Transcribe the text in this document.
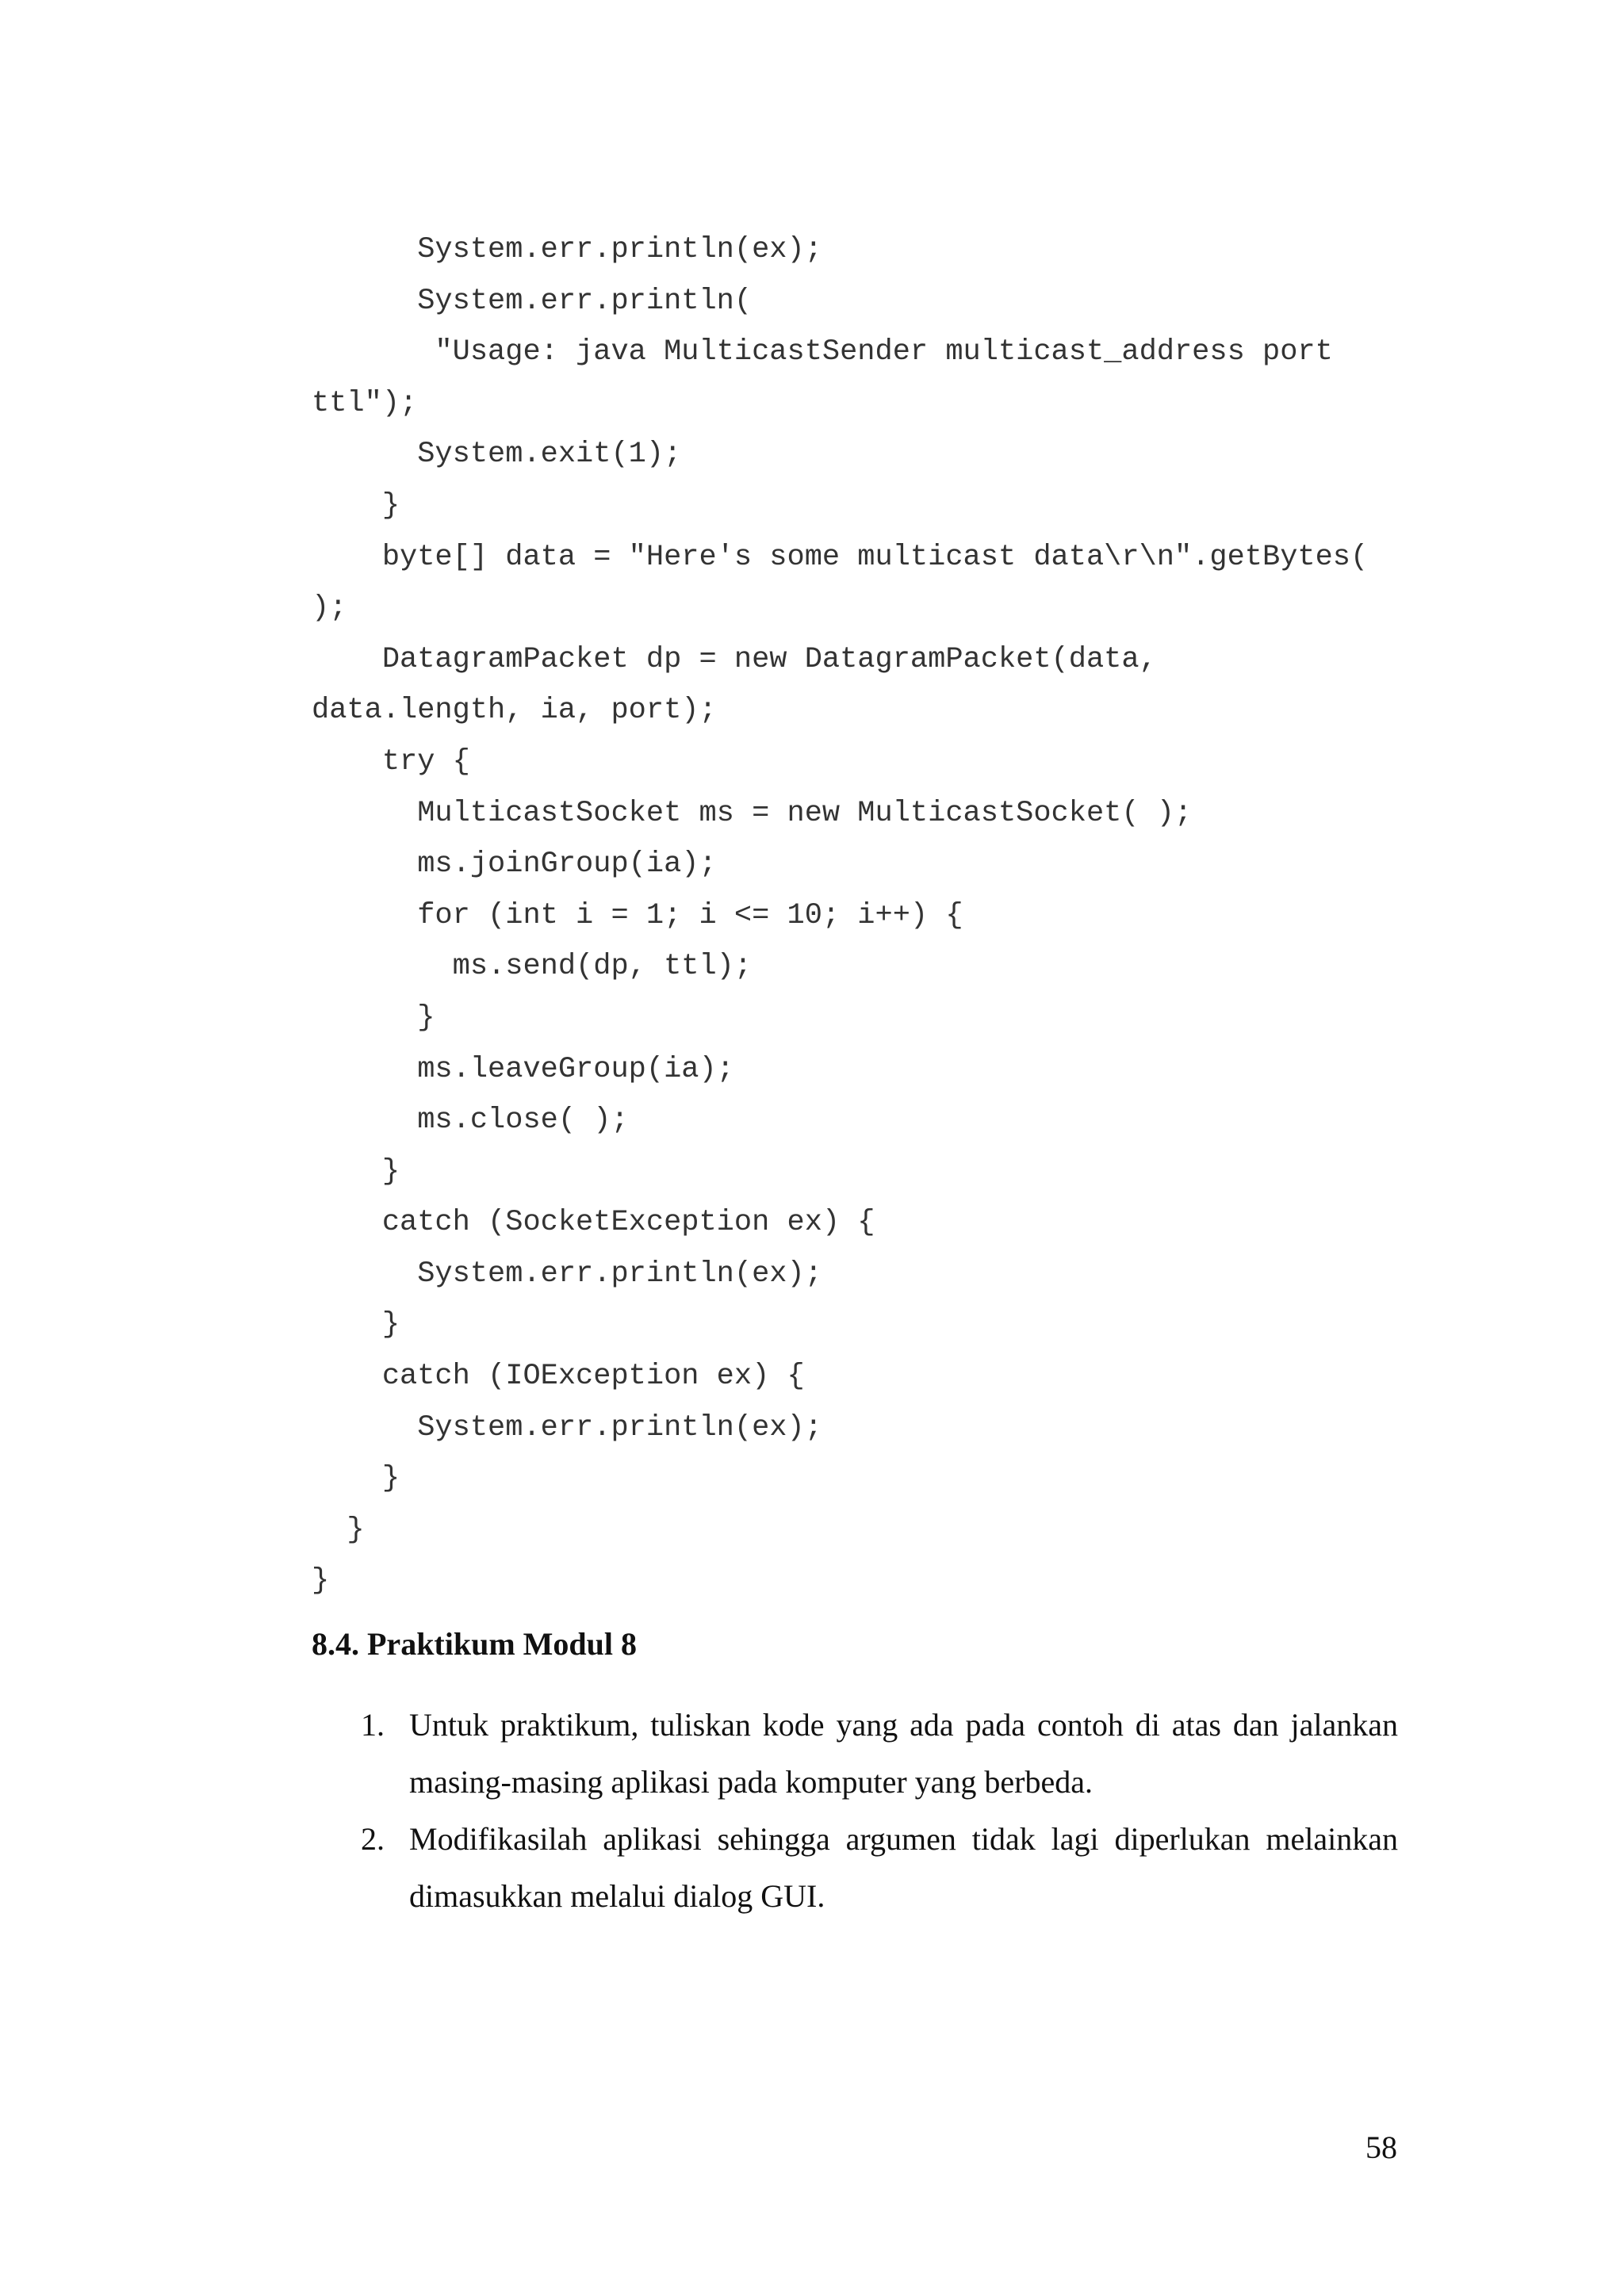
System.err.println(ex);
System.err.println(
"Usage: java MulticastSender multicast_address port
ttl");
System.exit(1);
}
byte[] data = "Here's some multicast data\r\n".getBytes(
);
DatagramPacket dp = new DatagramPacket(data,
data.length, ia, port);
try {
MulticastSocket ms = new MulticastSocket( );
ms.joinGroup(ia);
for (int i = 1; i <= 10; i++) {
ms.send(dp, ttl);
}
ms.leaveGroup(ia);
ms.close( );
}
catch (SocketException ex) {
System.err.println(ex);
}
catch (IOException ex) {
System.err.println(ex);
}
}
}
8.4. Praktikum Modul 8
1. Untuk praktikum, tuliskan kode yang ada pada contoh di atas dan jalankan masing-masing aplikasi pada komputer yang berbeda.
2. Modifikasilah aplikasi sehingga argumen tidak lagi diperlukan melainkan dimasukkan melalui dialog GUI.
58
